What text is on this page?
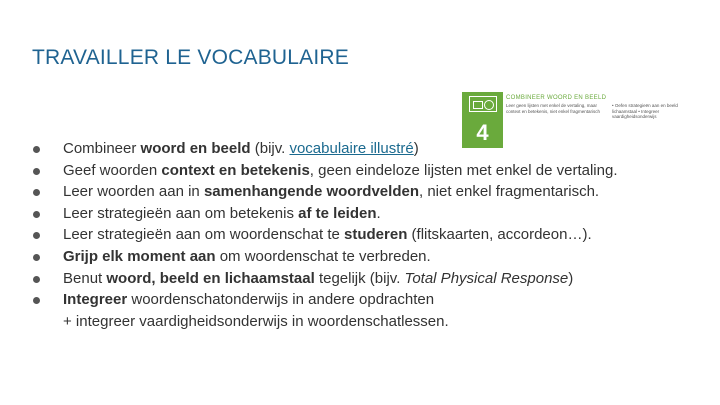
TRAVAILLER LE VOCABULAIRE
4
COMBINEER WOORD EN BEELD
Leer geen lijsten met enkel de vertaling, maar context en betekenis, niet enkel fragmentarisch
• Oefen strategieën aan en beeld lichaamstaal • Integreer vaardigheidsonderwijs
Combineer woord en beeld (bijv. vocabulaire illustré)
Geef woorden context en betekenis, geen eindeloze lijsten met enkel de vertaling.
Leer woorden aan in samenhangende woordvelden, niet enkel fragmentarisch.
Leer strategieën aan om betekenis af te leiden.
Leer strategieën aan om woordenschat te studeren (flitskaarten, accordeon…).
Grijp elk moment aan om woordenschat te verbreden.
Benut woord, beeld en lichaamstaal tegelijk (bijv. Total Physical Response)
Integreer woordenschatonderwijs in andere opdrachten
+ integreer vaardigheidsonderwijs in woordenschatlessen.
